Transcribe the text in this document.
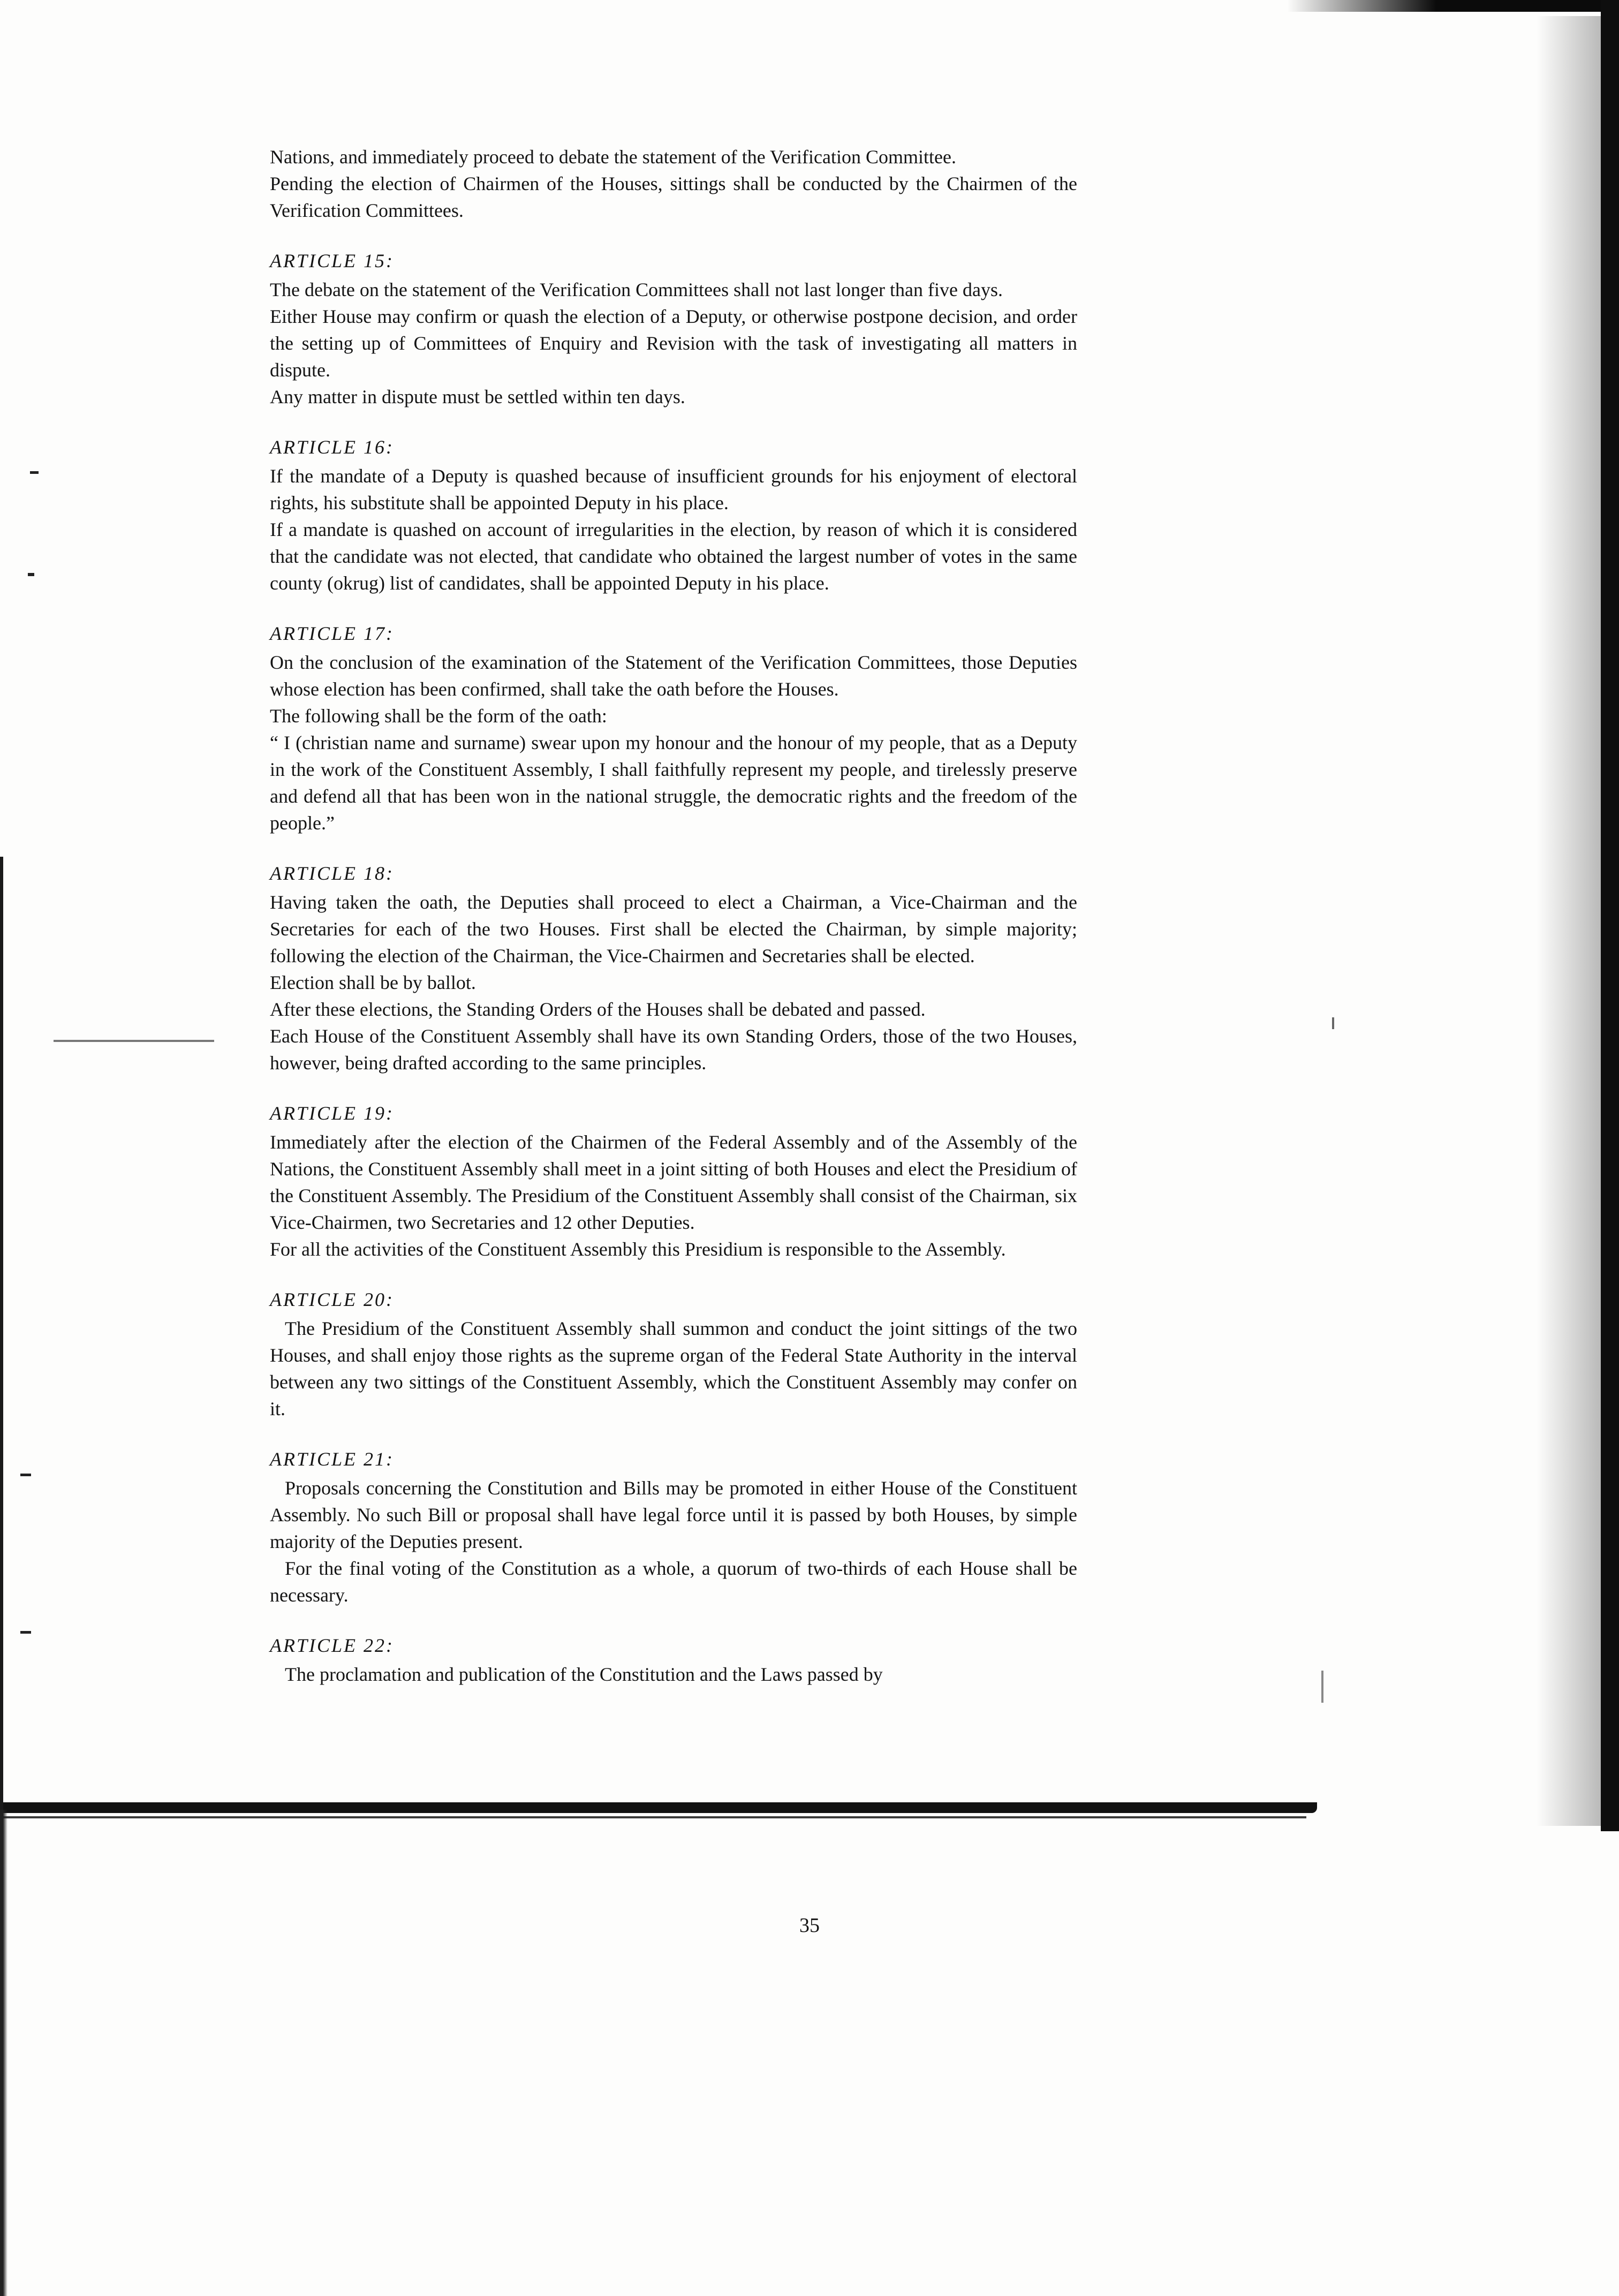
Nations, and immediately proceed to debate the statement of the Verification Committee.

Pending the election of Chairmen of the Houses, sittings shall be conducted by the Chairmen of the Verification Committees.

ARTICLE 15:

The debate on the statement of the Verification Committees shall not last longer than five days.

Either House may confirm or quash the election of a Deputy, or otherwise postpone decision, and order the setting up of Committees of Enquiry and Revision with the task of investigating all matters in dispute.

Any matter in dispute must be settled within ten days.

ARTICLE 16:

If the mandate of a Deputy is quashed because of insufficient grounds for his enjoyment of electoral rights, his substitute shall be appointed Deputy in his place.

If a mandate is quashed on account of irregularities in the election, by reason of which it is considered that the candidate was not elected, that candidate who obtained the largest number of votes in the same county (okrug) list of candidates, shall be appointed Deputy in his place.

ARTICLE 17:

On the conclusion of the examination of the Statement of the Verification Committees, those Deputies whose election has been confirmed, shall take the oath before the Houses.

The following shall be the form of the oath:

“ I (christian name and surname) swear upon my honour and the honour of my people, that as a Deputy in the work of the Constituent Assembly, I shall faithfully represent my people, and tirelessly preserve and defend all that has been won in the national struggle, the democratic rights and the freedom of the people.”

ARTICLE 18:

Having taken the oath, the Deputies shall proceed to elect a Chairman, a Vice-Chairman and the Secretaries for each of the two Houses. First shall be elected the Chairman, by simple majority; following the election of the Chairman, the Vice-Chairmen and Secretaries shall be elected.

Election shall be by ballot.

After these elections, the Standing Orders of the Houses shall be debated and passed.

Each House of the Constituent Assembly shall have its own Standing Orders, those of the two Houses, however, being drafted according to the same principles.

ARTICLE 19:

Immediately after the election of the Chairmen of the Federal Assembly and of the Assembly of the Nations, the Constituent Assembly shall meet in a joint sitting of both Houses and elect the Presidium of the Constituent Assembly. The Presidium of the Constituent Assembly shall consist of the Chairman, six Vice-Chairmen, two Secretaries and 12 other Deputies.

For all the activities of the Constituent Assembly this Presidium is responsible to the Assembly.

ARTICLE 20:

The Presidium of the Constituent Assembly shall summon and conduct the joint sittings of the two Houses, and shall enjoy those rights as the supreme organ of the Federal State Authority in the interval between any two sittings of the Constituent Assembly, which the Constituent Assembly may confer on it.

ARTICLE 21:

Proposals concerning the Constitution and Bills may be promoted in either House of the Constituent Assembly. No such Bill or proposal shall have legal force until it is passed by both Houses, by simple majority of the Deputies present.

For the final voting of the Constitution as a whole, a quorum of two-thirds of each House shall be necessary.

ARTICLE 22:

The proclamation and publication of the Constitution and the Laws passed by

35
